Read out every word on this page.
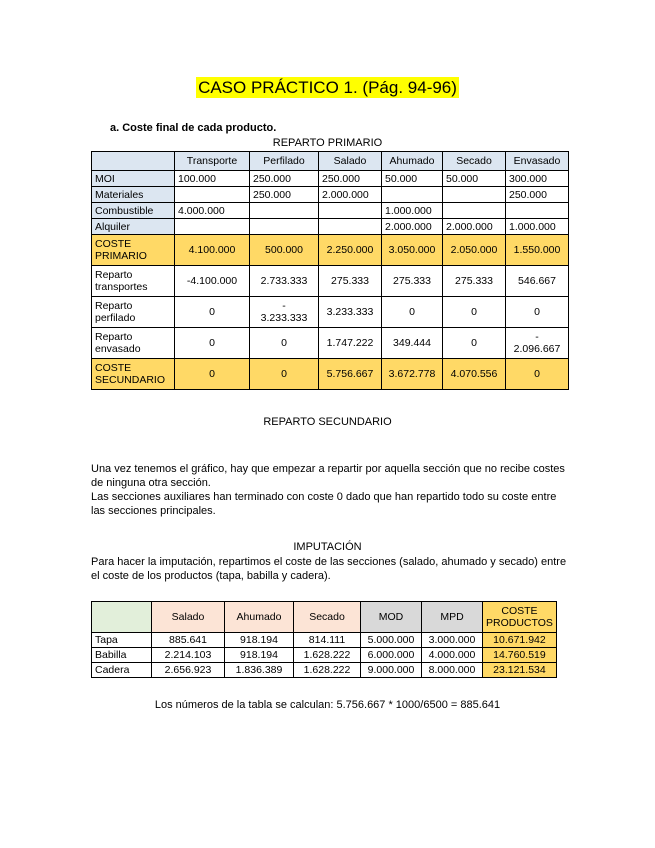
CASO PRÁCTICO 1. (Pág. 94-96)
a. Coste final de cada producto.
REPARTO PRIMARIO
	Transporte	Perfilado	Salado	Ahumado	Secado	Envasado
MOI	100.000	250.000	250.000	50.000	50.000	300.000
Materiales		250.000	2.000.000			250.000
Combustible	4.000.000			1.000.000		
Alquiler				2.000.000	2.000.000	1.000.000
COSTE PRIMARIO	4.100.000	500.000	2.250.000	3.050.000	2.050.000	1.550.000
Reparto transportes	-4.100.000	2.733.333	275.333	275.333	275.333	546.667
Reparto perfilado	0	-
3.233.333	3.233.333	0	0	0
Reparto envasado	0	0	1.747.222	349.444	0	-
2.096.667
COSTE SECUNDARIO	0	0	5.756.667	3.672.778	4.070.556	0
REPARTO SECUNDARIO
Una vez tenemos el gráfico, hay que empezar a repartir por aquella sección que no recibe costes de ninguna otra sección.
Las secciones auxiliares han terminado con coste 0 dado que han repartido todo su coste entre las secciones principales.
IMPUTACIÓN
Para hacer la imputación, repartimos el coste de las secciones (salado, ahumado y secado) entre el coste de los productos (tapa, babilla y cadera).
	Salado	Ahumado	Secado	MOD	MPD	COSTE PRODUCTOS
Tapa	885.641	918.194	814.111	5.000.000	3.000.000	10.671.942
Babilla	2.214.103	918.194	1.628.222	6.000.000	4.000.000	14.760.519
Cadera	2.656.923	1.836.389	1.628.222	9.000.000	8.000.000	23.121.534
Los números de la tabla se calculan: 5.756.667 * 1000/6500 = 885.641
